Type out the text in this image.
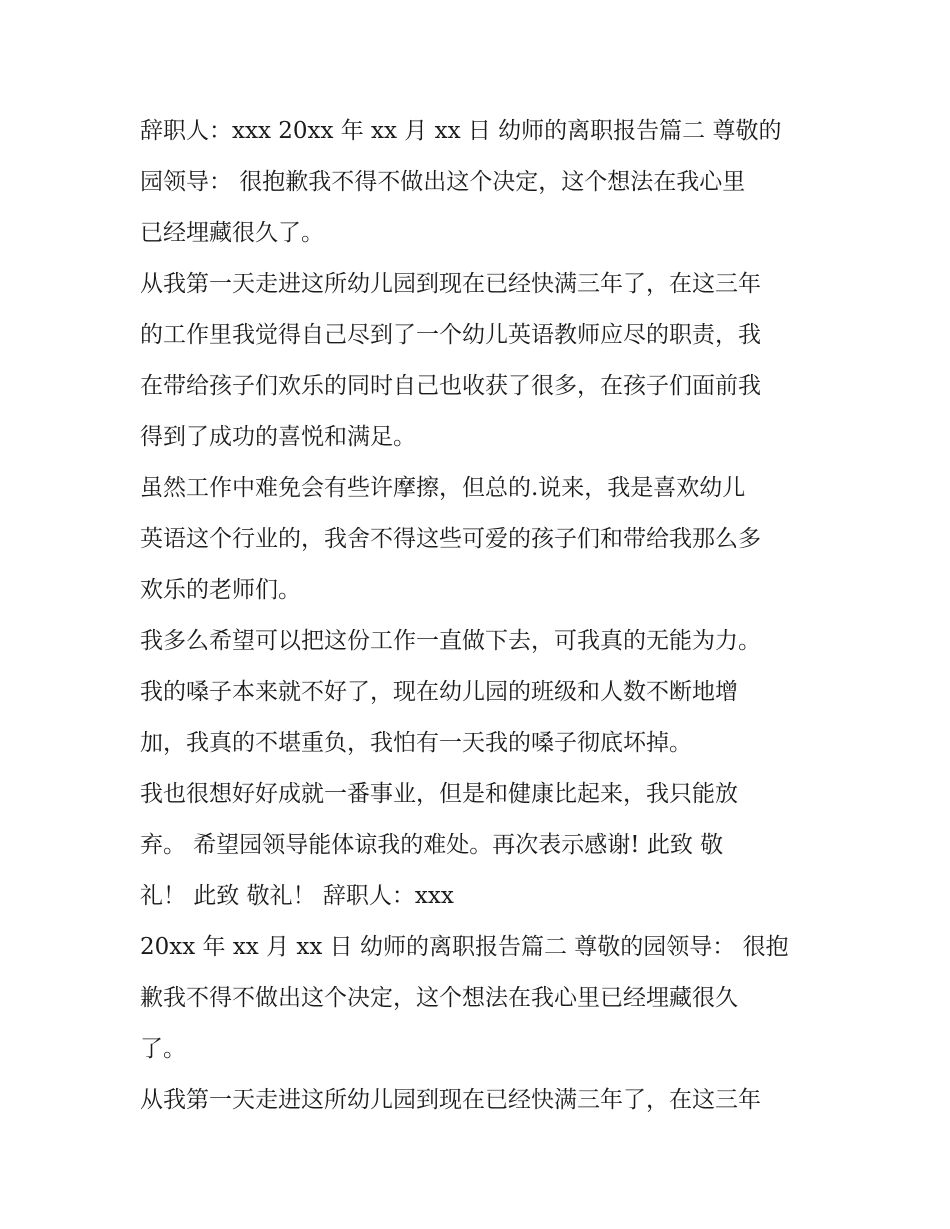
辞职人：xxx 20xx 年 xx 月 xx 日 幼师的离职报告篇二 尊敬的
园领导： 很抱歉我不得不做出这个决定，这个想法在我心里
已经埋藏很久了。
从我第一天走进这所幼儿园到现在已经快满三年了，在这三年
的工作里我觉得自己尽到了一个幼儿英语教师应尽的职责，我
在带给孩子们欢乐的同时自己也收获了很多，在孩子们面前我
得到了成功的喜悦和满足。
虽然工作中难免会有些许摩擦，但总的.说来，我是喜欢幼儿
英语这个行业的，我舍不得这些可爱的孩子们和带给我那么多
欢乐的老师们。
我多么希望可以把这份工作一直做下去，可我真的无能为力。
我的嗓子本来就不好了，现在幼儿园的班级和人数不断地增
加，我真的不堪重负，我怕有一天我的嗓子彻底坏掉。
我也很想好好成就一番事业，但是和健康比起来，我只能放
弃。 希望园领导能体谅我的难处。再次表示感谢! 此致 敬
礼！ 此致 敬礼！ 辞职人：xxx
20xx 年 xx 月 xx 日 幼师的离职报告篇二 尊敬的园领导： 很抱
歉我不得不做出这个决定，这个想法在我心里已经埋藏很久
了。
从我第一天走进这所幼儿园到现在已经快满三年了，在这三年
